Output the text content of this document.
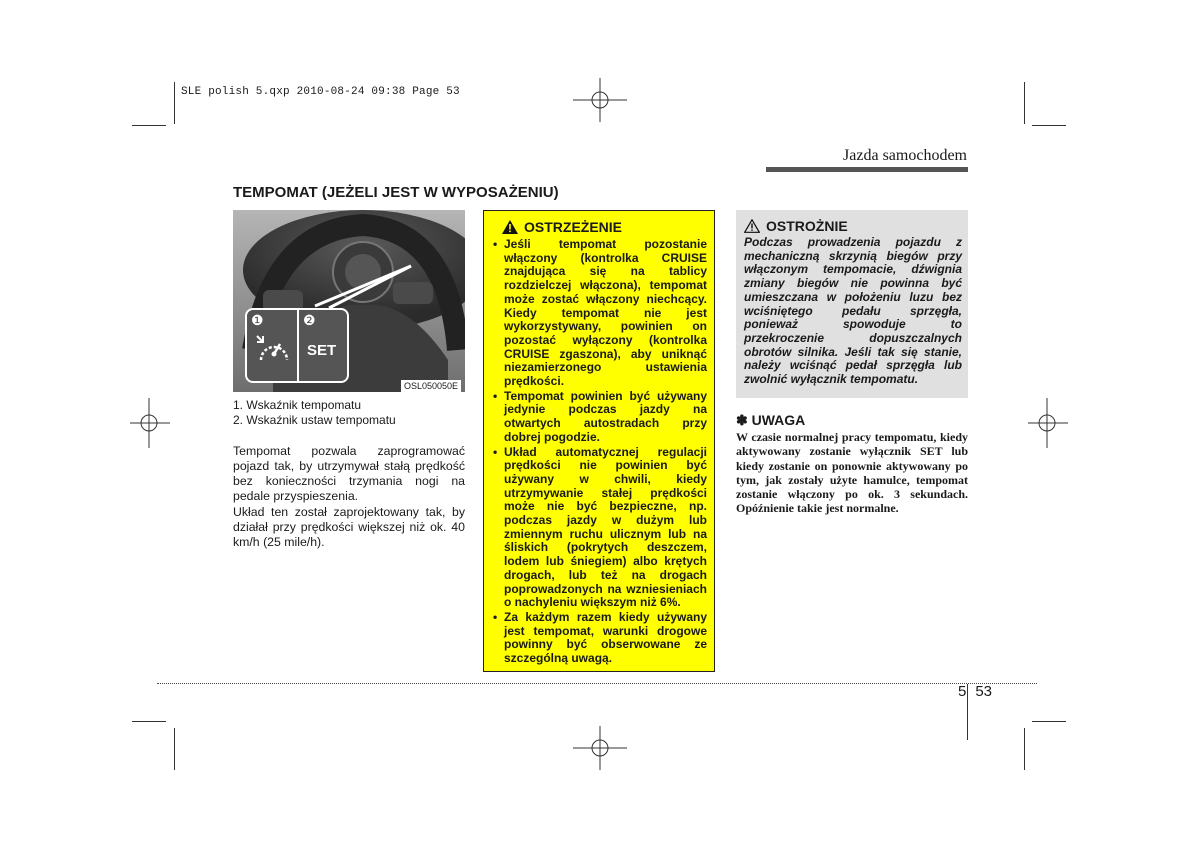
SLE polish 5.qxp 2010-08-24 09:38 Page 53
Jazda samochodem
TEMPOMAT (JEŻELI JEST W WYPOSAŻENIU)
❶	❷
SET
OSL050050E
1. Wskaźnik tempomatu
2. Wskaźnik ustaw tempomatu

Tempomat pozwala zaprogramować pojazd tak, by utrzymywał stałą prędkość bez konieczności trzymania nogi na pedale przyspieszenia.

Układ ten został zaprojektowany tak, by działał przy prędkości większej niż ok. 40 km/h (25 mile/h).

OSTRZEŻENIE
• Jeśli tempomat pozostanie włączony (kontrolka CRUISE znajdująca się na tablicy rozdzielczej włączona), tempomat może zostać włączony niechcący. Kiedy tempomat nie jest wykorzystywany, powinien on pozostać wyłączony (kontrolka CRUISE zgaszona), aby uniknąć niezamierzonego ustawienia prędkości.
• Tempomat powinien być używany jedynie podczas jazdy na otwartych autostradach przy dobrej pogodzie.
• Układ automatycznej regulacji prędkości nie powinien być używany w chwili, kiedy utrzymywanie stałej prędkości może nie być bezpieczne, np. podczas jazdy w dużym lub zmiennym ruchu ulicznym lub na śliskich (pokrytych deszczem, lodem lub śniegiem) albo krętych drogach, lub też na drogach poprowadzonych na wzniesieniach o nachyleniu większym niż 6%.
• Za każdym razem kiedy używany jest tempomat, warunki drogowe powinny być obserwowane ze szczególną uwagą.
OSTROŻNIE
Podczas prowadzenia pojazdu z mechaniczną skrzynią biegów przy włączonym tempomacie, dźwignia zmiany biegów nie powinna być umieszczana w położeniu luzu bez wciśniętego pedału sprzęgła, ponieważ spowoduje to przekroczenie dopuszczalnych obrotów silnika. Jeśli tak się stanie, należy wciśnąć pedał sprzęgła lub zwolnić wyłącznik tempomatu.
✽ UWAGA
W czasie normalnej pracy tempomatu, kiedy aktywowany zostanie wyłącznik SET lub kiedy zostanie on ponownie aktywowany po tym, jak zostały użyte hamulce, tempomat zostanie włączony po ok. 3 sekundach. Opóźnienie takie jest normalne.
5 53
